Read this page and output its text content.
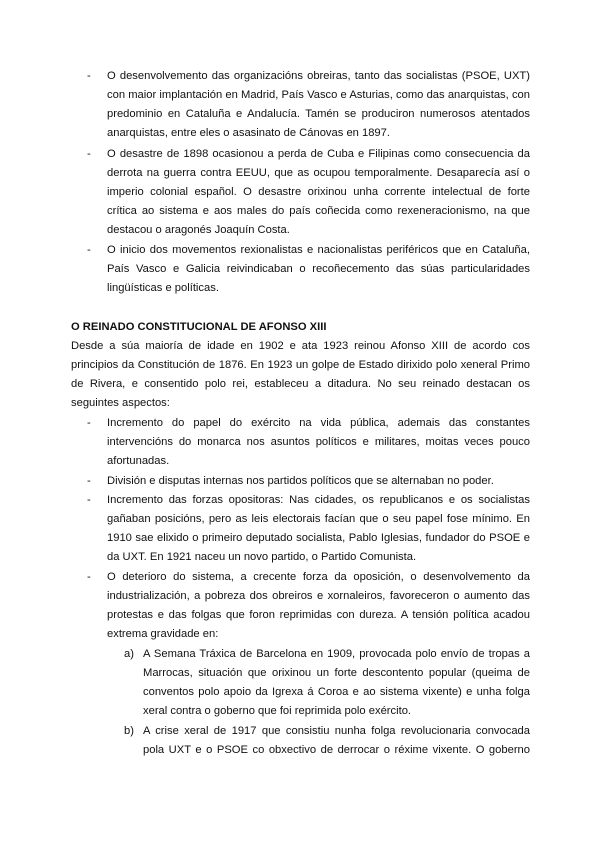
- O desenvolvemento das organizacións obreiras, tanto das socialistas (PSOE, UXT)
con maior implantación en Madrid, País Vasco e Asturias, como das anarquistas, con
predominio en Cataluña e Andalucía. Tamén se produciron numerosos atentados
anarquistas, entre eles o asasinato de Cánovas en 1897.
- O desastre de 1898 ocasionou a perda de Cuba e Filipinas como consecuencia da
derrota na guerra contra EEUU, que as ocupou temporalmente. Desaparecía así o
imperio colonial español. O desastre orixinou unha corrente intelectual de forte
crítica ao sistema e aos males do país coñecida como rexeneracionismo, na que
destacou o aragonés Joaquín Costa.
- O inicio dos movementos rexionalistas e nacionalistas periféricos que en Cataluña,
País Vasco e Galicia reivindicaban o recoñecemento das súas particularidades
lingüísticas e políticas.
O REINADO CONSTITUCIONAL DE AFONSO XIII
Desde a súa maioría de idade en 1902 e ata 1923 reinou Afonso XIII de acordo cos
principios da Constitución de 1876. En 1923 un golpe de Estado dirixido polo xeneral Primo
de Rivera, e consentido polo rei, estableceu a ditadura. No seu reinado destacan os
seguintes aspectos:
- Incremento do papel do exército na vida pública, ademais das constantes
intervencións do monarca nos asuntos políticos e militares, moitas veces pouco
afortunadas.
- División e disputas internas nos partidos políticos que se alternaban no poder.
- Incremento das forzas opositoras: Nas cidades, os republicanos e os socialistas
gañaban posicións, pero as leis electorais facían que o seu papel fose mínimo. En
1910 sae elixido o primeiro deputado socialista, Pablo Iglesias, fundador do PSOE e
da UXT. En 1921 naceu un novo partido, o Partido Comunista.
- O deterioro do sistema, a crecente forza da oposición, o desenvolvemento da
industrialización, a pobreza dos obreiros e xornaleiros, favoreceron o aumento das
protestas e das folgas que foron reprimidas con dureza. A tensión política acadou
extrema gravidade en:
a) A Semana Tráxica de Barcelona en 1909, provocada polo envío de tropas a
Marrocas, situación que orixinou un forte descontento popular (queima de
conventos polo apoio da Igrexa á Coroa e ao sistema vixente) e unha folga
xeral contra o goberno que foi reprimida polo exército.
b) A crise xeral de 1917 que consistiu nunha folga revolucionaria convocada
pola UXT e o PSOE co obxectivo de derrocar o réxime vixente. O goberno
